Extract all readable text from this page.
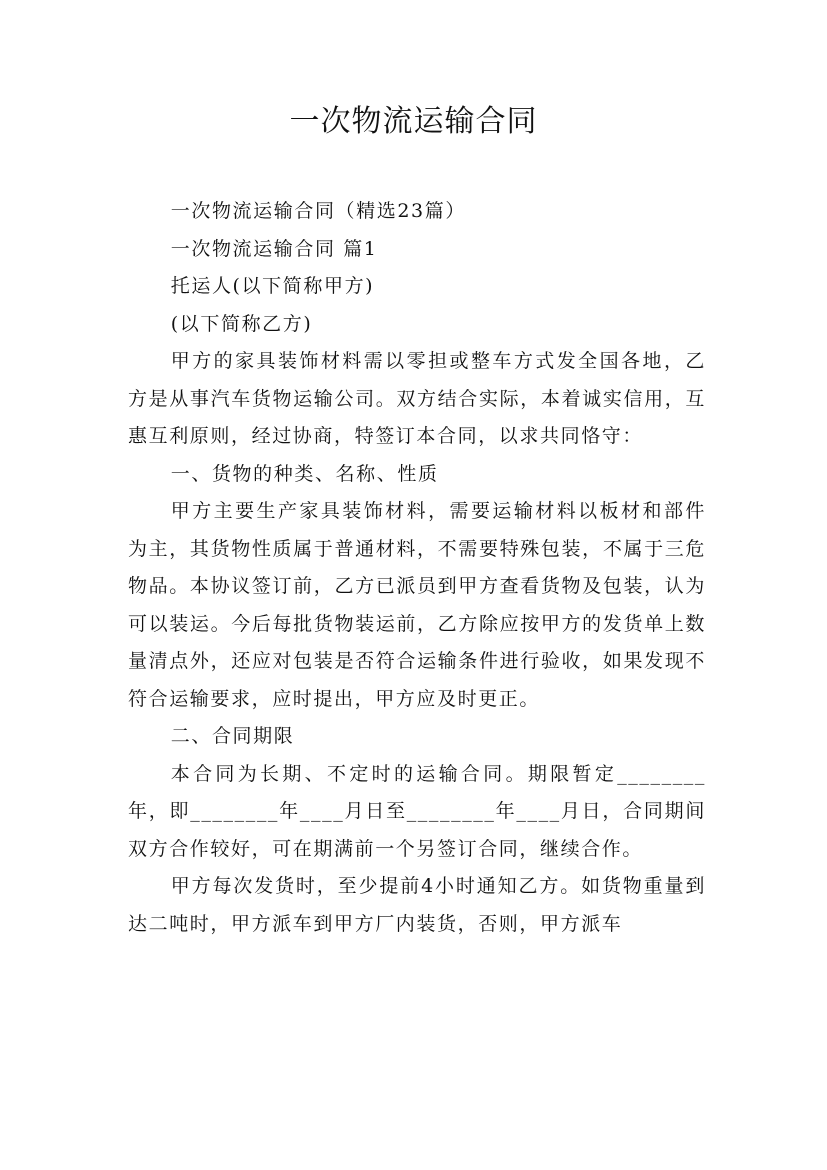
一次物流运输合同

一次物流运输合同（精选23篇）

一次物流运输合同 篇1

托运人(以下简称甲方)

(以下简称乙方)

甲方的家具装饰材料需以零担或整车方式发全国各地，乙方是从事汽车货物运输公司。双方结合实际，本着诚实信用，互惠互利原则，经过协商，特签订本合同，以求共同恪守：

一、货物的种类、名称、性质

甲方主要生产家具装饰材料，需要运输材料以板材和部件为主，其货物性质属于普通材料，不需要特殊包装，不属于三危物品。本协议签订前，乙方已派员到甲方查看货物及包装，认为可以装运。今后每批货物装运前，乙方除应按甲方的发货单上数量清点外，还应对包装是否符合运输条件进行验收，如果发现不符合运输要求，应时提出，甲方应及时更正。

二、合同期限

本合同为长期、不定时的运输合同。期限暂定________年，即________年____月日至________年____月日，合同期间双方合作较好，可在期满前一个另签订合同，继续合作。

甲方每次发货时，至少提前4小时通知乙方。如货物重量到达二吨时，甲方派车到甲方厂内装货，否则，甲方派车
